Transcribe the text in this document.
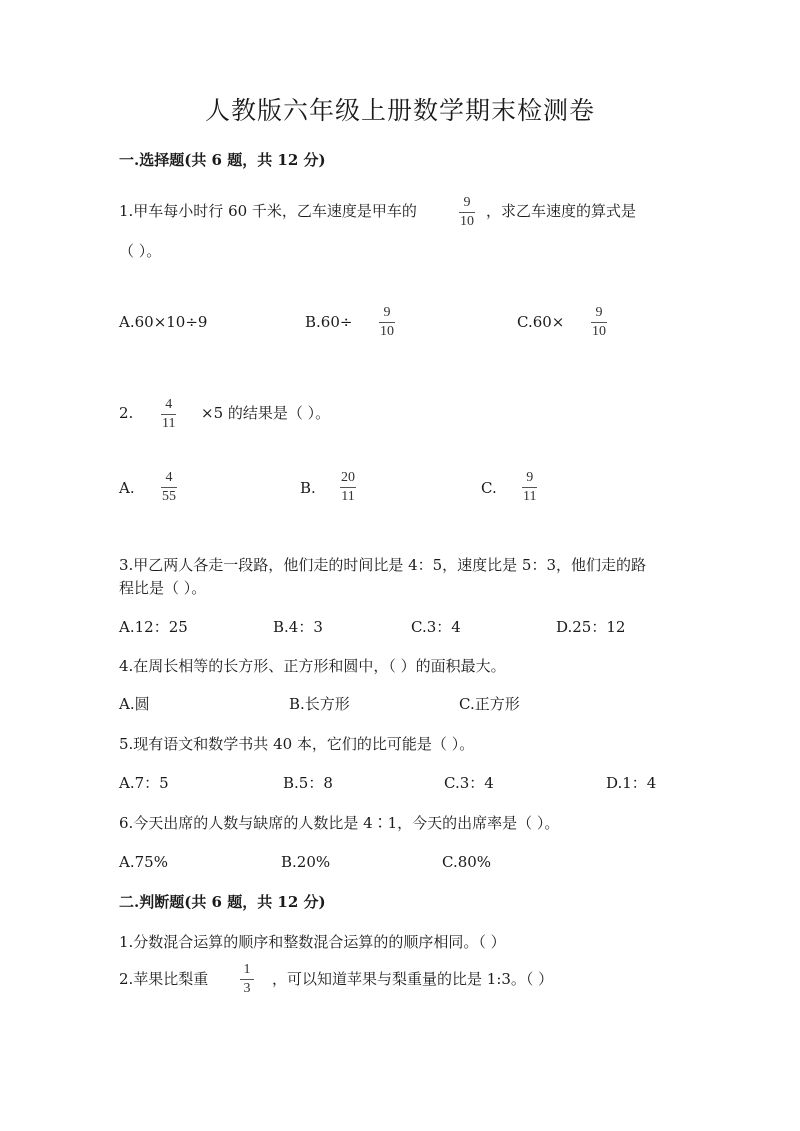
人教版六年级上册数学期末检测卷
一.选择题(共 6 题，共 12 分)
1.甲车每小时行 60 千米，乙车速度是甲车的	9
10
，求乙车速度的算式是
（ ）。
A.60×10÷9	B.60÷
9
10
C.60×
9
10
2. 4
11
×5 的结果是（ ）。
A.
4
55	B.
20
11	C.
9
11
3.甲乙两人各走一段路，他们走的时间比是 4：5，速度比是 5：3，他们走的路
程比是（ ）。
A.12：25	B.4：3	C.3：4	D.25：12
4.在周长相等的长方形、正方形和圆中，（ ）的面积最大。
A.圆	B.长方形	C.正方形
5.现有语文和数学书共 40 本，它们的比可能是（ ）。
A.7：5	B.5：8	C.3：4	D.1：4
6.今天出席的人数与缺席的人数比是 4∶1，今天的出席率是（ ）。
A.75%	B.20%	C.80%
二.判断题(共 6 题，共 12 分)
1.分数混合运算的顺序和整数混合运算的的顺序相同。（ ）
2.苹果比梨重
1
3
，可以知道苹果与梨重量的比是 1:3。（ ）
